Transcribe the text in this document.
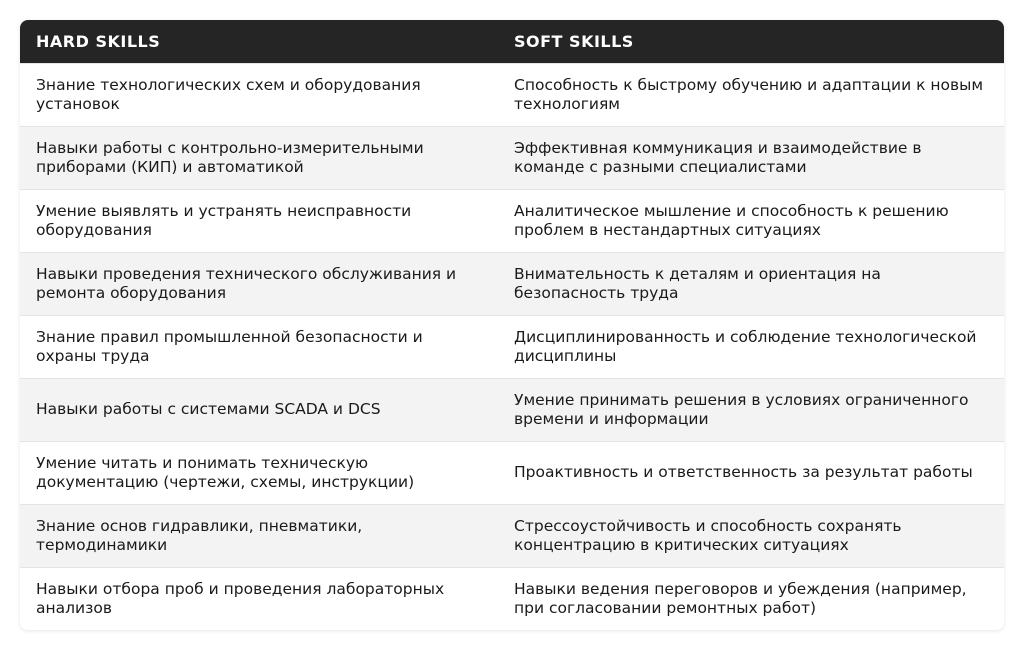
HARD SKILLS	SOFT SKILLS
Знание технологических схем и оборудования установок	Способность к быстрому обучению и адаптации к новым технологиям
Навыки работы с контрольно-измерительными приборами (КИП) и автоматикой	Эффективная коммуникация и взаимодействие в команде с разными специалистами
Умение выявлять и устранять неисправности оборудования	Аналитическое мышление и способность к решению проблем в нестандартных ситуациях
Навыки проведения технического обслуживания и ремонта оборудования	Внимательность к деталям и ориентация на безопасность труда
Знание правил промышленной безопасности и охраны труда	Дисциплинированность и соблюдение технологической дисциплины
Навыки работы с системами SCADA и DCS	Умение принимать решения в условиях ограниченного времени и информации
Умение читать и понимать техническую документацию (чертежи, схемы, инструкции)	Проактивность и ответственность за результат работы
Знание основ гидравлики, пневматики, термодинамики	Стрессоустойчивость и способность сохранять концентрацию в критических ситуациях
Навыки отбора проб и проведения лабораторных анализов	Навыки ведения переговоров и убеждения (например, при согласовании ремонтных работ)
